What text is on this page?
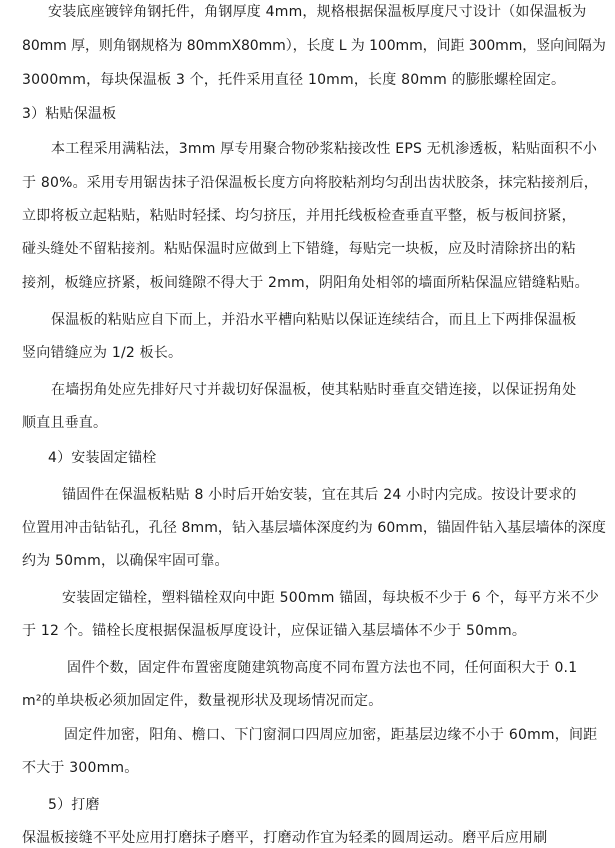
安装底座镀锌角钢托件，角钢厚度 4mm，规格根据保温板厚度尺寸设计（如保温板为
80mm 厚，则角钢规格为 80mmX80mm），长度 L 为 100mm，间距 300mm，竖向间隔为
3000mm，每块保温板 3 个，托件采用直径 10mm，长度 80mm 的膨胀螺栓固定。
3）粘贴保温板
本工程采用满粘法，3mm 厚专用聚合物砂浆粘接改性 EPS 无机渗透板，粘贴面积不小
于 80%。采用专用锯齿抹子沿保温板长度方向将胶粘剂均匀刮出齿状胶条，抹完粘接剂后，
立即将板立起粘贴，粘贴时轻揉、均匀挤压，并用托线板检查垂直平整，板与板间挤紧，
碰头缝处不留粘接剂。粘贴保温时应做到上下错缝，每贴完一块板，应及时清除挤出的粘
接剂，板缝应挤紧，板间缝隙不得大于 2mm，阴阳角处相邻的墙面所粘保温应错缝粘贴。
保温板的粘贴应自下而上，并沿水平槽向粘贴以保证连续结合，而且上下两排保温板
竖向错缝应为 1/2 板长。
在墙拐角处应先排好尺寸并裁切好保温板，使其粘贴时垂直交错连接，以保证拐角处
顺直且垂直。
4）安装固定锚栓
锚固件在保温板粘贴 8 小时后开始安装，宜在其后 24 小时内完成。按设计要求的
位置用冲击钻钻孔，孔径 8mm，钻入基层墙体深度约为 60mm，锚固件钻入基层墙体的深度
约为 50mm，以确保牢固可靠。
安装固定锚栓，塑料锚栓双向中距 500mm 锚固，每块板不少于 6 个，每平方米不少
于 12 个。锚栓长度根据保温板厚度设计，应保证锚入基层墙体不少于 50mm。
固件个数，固定件布置密度随建筑物高度不同布置方法也不同，任何面积大于 0.1
m²的单块板必须加固定件，数量视形状及现场情况而定。
固定件加密，阳角、檐口、下门窗洞口四周应加密，距基层边缘不小于 60mm，间距
不大于 300mm。
5）打磨
保温板接缝不平处应用打磨抹子磨平，打磨动作宜为轻柔的圆周运动。磨平后应用刷
